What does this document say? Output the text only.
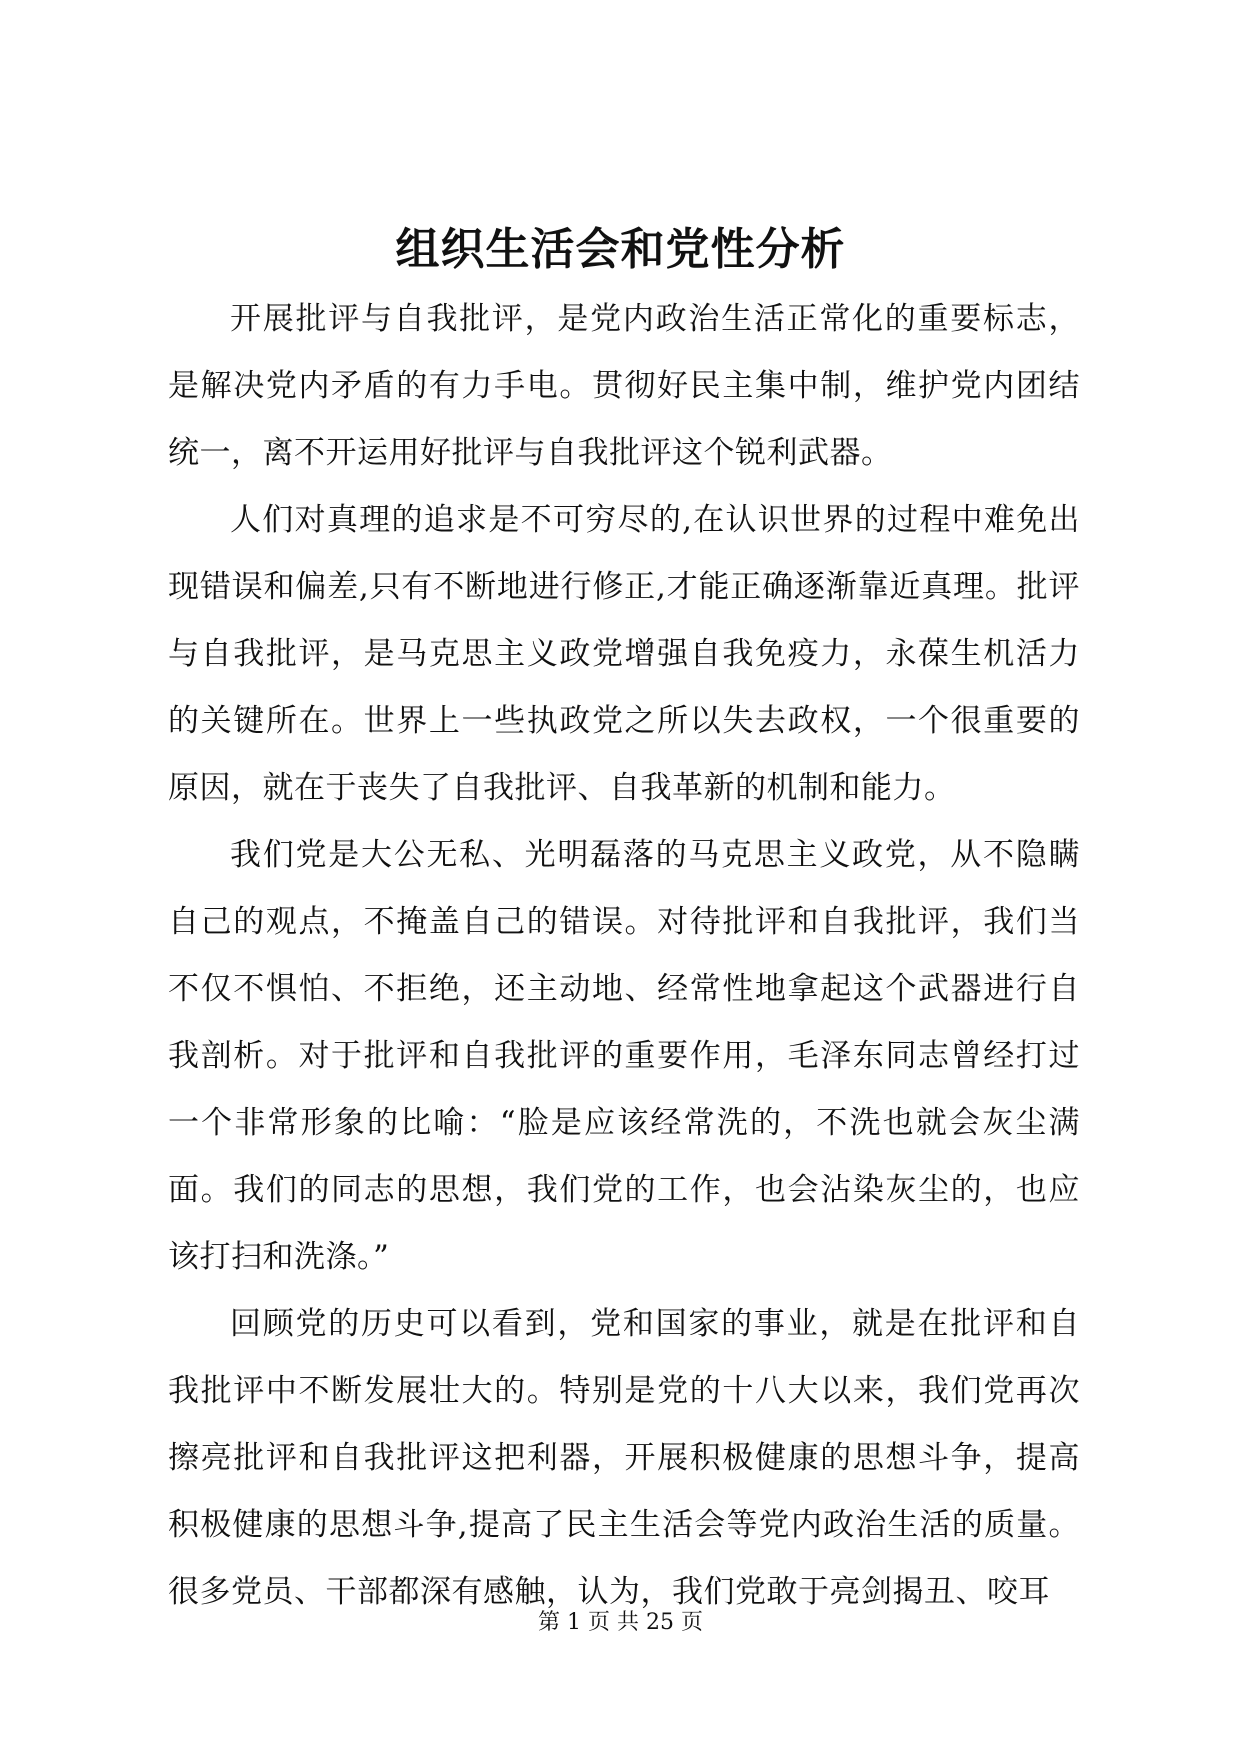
组织生活会和党性分析

开展批评与自我批评，是党内政治生活正常化的重要标志，是解决党内矛盾的有力手电。贯彻好民主集中制，维护党内团结统一，离不开运用好批评与自我批评这个锐利武器。

人们对真理的追求是不可穷尽的,在认识世界的过程中难免出现错误和偏差,只有不断地进行修正,才能正确逐渐靠近真理。批评与自我批评，是马克思主义政党增强自我免疫力，永葆生机活力的关键所在。世界上一些执政党之所以失去政权，一个很重要的原因，就在于丧失了自我批评、自我革新的机制和能力。

我们党是大公无私、光明磊落的马克思主义政党，从不隐瞒自己的观点，不掩盖自己的错误。对待批评和自我批评，我们当不仅不惧怕、不拒绝，还主动地、经常性地拿起这个武器进行自我剖析。对于批评和自我批评的重要作用，毛泽东同志曾经打过一个非常形象的比喻：“脸是应该经常洗的，不洗也就会灰尘满面。我们的同志的思想，我们党的工作，也会沾染灰尘的，也应该打扫和洗涤。”

回顾党的历史可以看到，党和国家的事业，就是在批评和自我批评中不断发展壮大的。特别是党的十八大以来，我们党再次擦亮批评和自我批评这把利器，开展积极健康的思想斗争，提高积极健康的思想斗争,提高了民主生活会等党内政治生活的质量。很多党员、干部都深有感触，认为，我们党敢于亮剑揭丑、咬耳

第 1 页 共 25 页
